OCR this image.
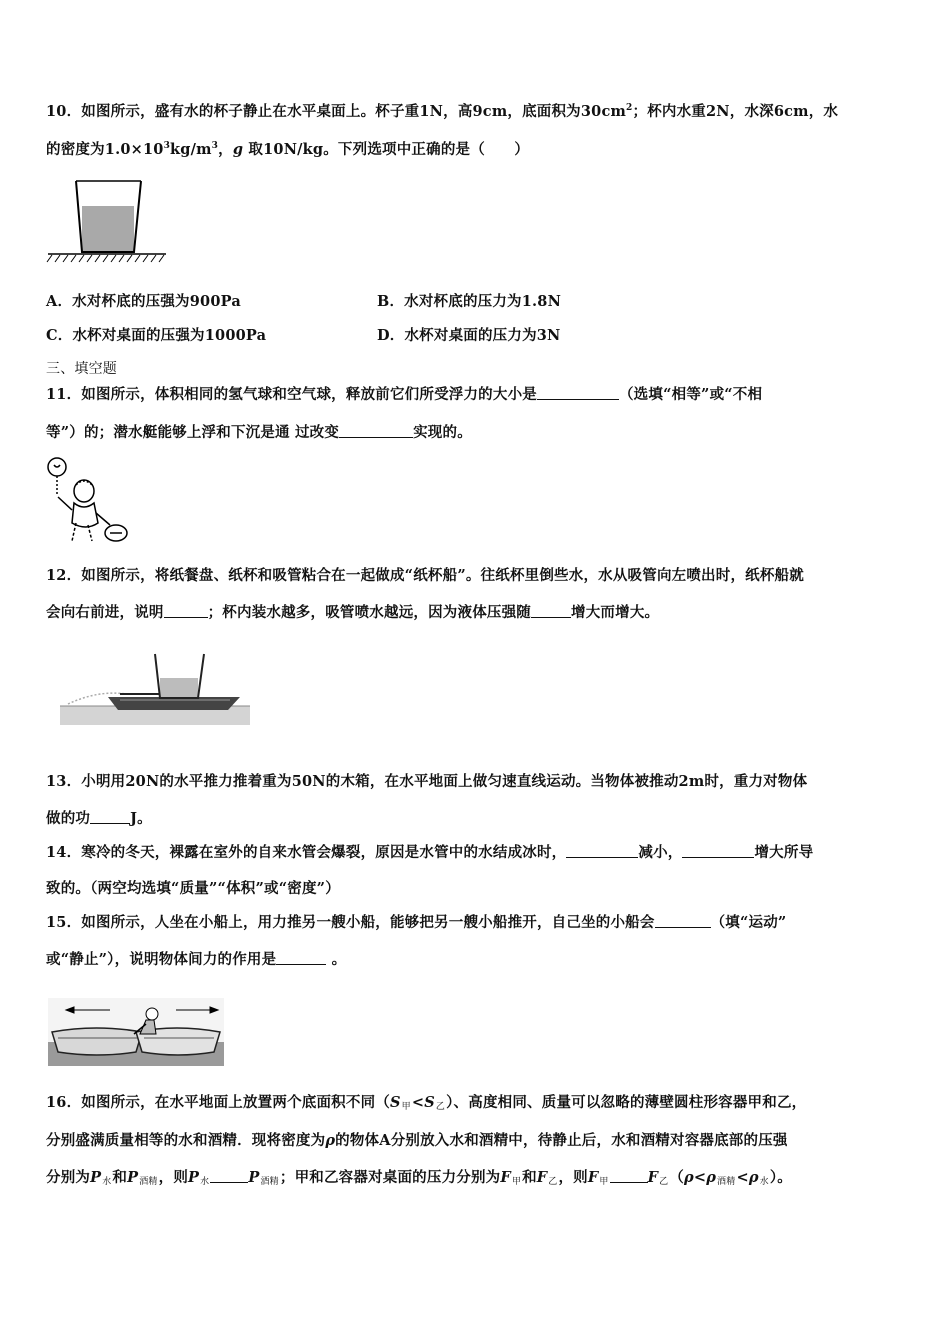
10．如图所示，盛有水的杯子静止在水平桌面上。杯子重1N，高9cm，底面积为$30cm^2$；杯内水重2N，水深6cm，水
的密度为$1.0\times 10^3kg/m^3$，g 取10N/kg。下列选项中正确的是（　　）
A．水对杯底的压强为900Pa	B．水对杯底的压力为1.8N
C．水杯对桌面的压强为1000Pa	D．水杯对桌面的压力为3N
三、填空题
11．如图所示，体积相同的氢气球和空气球，释放前它们所受浮力的大小是	（选填“相等”或“不相
等”）的；潜水艇能够上浮和下沉是通 过改变	实现的。
12．如图所示，将纸餐盘、纸杯和吸管粘合在一起做成“纸杯船”。往纸杯里倒些水，水从吸管向左喷出时，纸杯船就
会向右前进，说明	；杯内装水越多，吸管喷水越远，因为液体压强随	增大而增大。
13．小明用20N的水平推力推着重为50N的木箱，在水平地面上做匀速直线运动。当物体被推动2m时，重力对物体
做的功	J。
14．寒冷的冬天，裸露在室外的自来水管会爆裂，原因是水管中的水结成冰时，	减小，	增大所导
致的。（两空均选填“质量”“体积”或“密度”）
15．如图所示，人坐在小船上，用力推另一艘小船，能够把另一艘小船推开，自己坐的小船会	（填“运动”
或“静止”），说明物体间力的作用是	。
16．如图所示，在水平地面上放置两个底面积不同（S甲<S乙）、高度相同、质量可以忽略的薄壁圆柱形容器甲和乙，
分别盛满质量相等的水和酒精．现将密度为ρ的物体A分别放入水和酒精中，待静止后，水和酒精对容器底部的压强
分别为P水和P酒精，则P水	P酒精；甲和乙容器对桌面的压力分别为F甲和F乙，则F甲	F乙（ρ<ρ酒精<ρ水）。
